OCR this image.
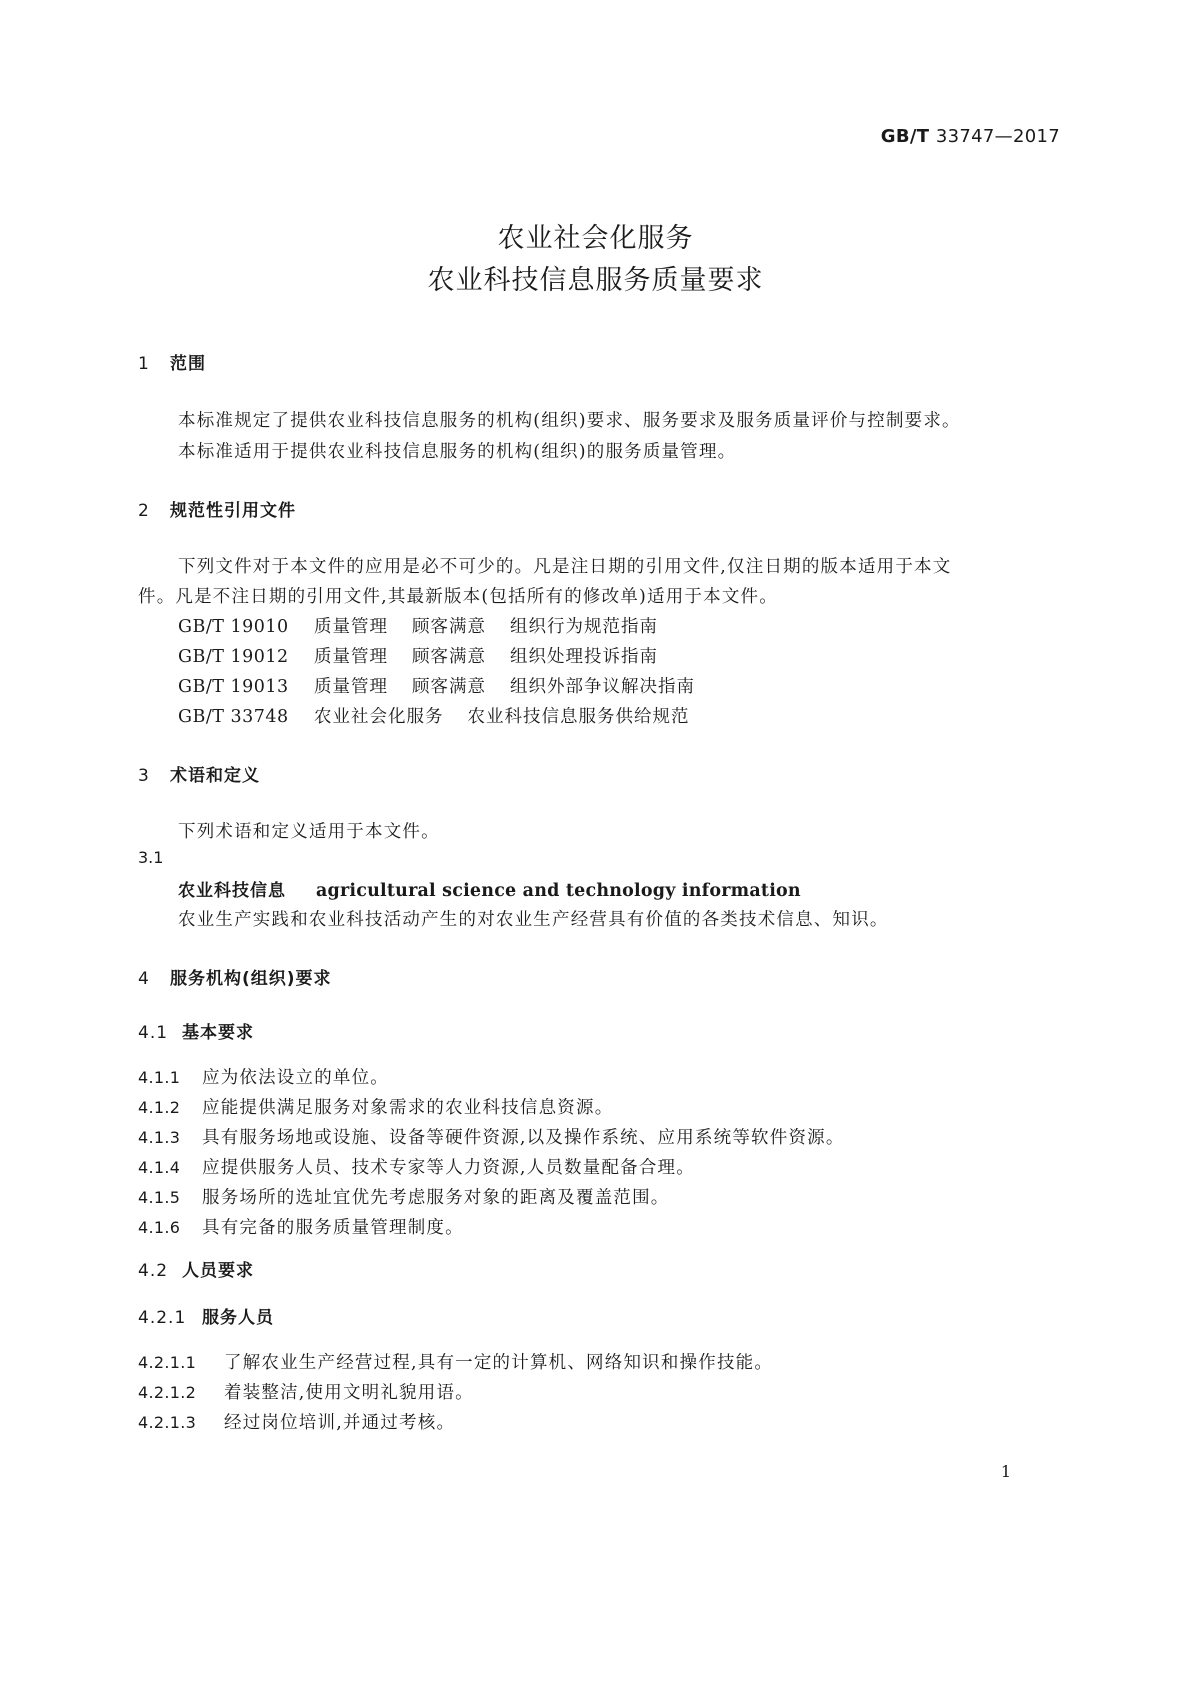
GB/T 33747—2017
农业社会化服务
农业科技信息服务质量要求
1 范围
本标准规定了提供农业科技信息服务的机构(组织)要求、服务要求及服务质量评价与控制要求。
本标准适用于提供农业科技信息服务的机构(组织)的服务质量管理。
2 规范性引用文件
下列文件对于本文件的应用是必不可少的。凡是注日期的引用文件,仅注日期的版本适用于本文
件。凡是不注日期的引用文件,其最新版本(包括所有的修改单)适用于本文件。
GB/T 19010 质量管理 顾客满意 组织行为规范指南
GB/T 19012 质量管理 顾客满意 组织处理投诉指南
GB/T 19013 质量管理 顾客满意 组织外部争议解决指南
GB/T 33748 农业社会化服务 农业科技信息服务供给规范
3 术语和定义
下列术语和定义适用于本文件。
3.1
农业科技信息 agricultural science and technology information
农业生产实践和农业科技活动产生的对农业生产经营具有价值的各类技术信息、知识。
4 服务机构(组织)要求
4.1 基本要求
4.1.1 应为依法设立的单位。
4.1.2 应能提供满足服务对象需求的农业科技信息资源。
4.1.3 具有服务场地或设施、设备等硬件资源,以及操作系统、应用系统等软件资源。
4.1.4 应提供服务人员、技术专家等人力资源,人员数量配备合理。
4.1.5 服务场所的选址宜优先考虑服务对象的距离及覆盖范围。
4.1.6 具有完备的服务质量管理制度。
4.2 人员要求
4.2.1 服务人员
4.2.1.1 了解农业生产经营过程,具有一定的计算机、网络知识和操作技能。
4.2.1.2 着装整洁,使用文明礼貌用语。
4.2.1.3 经过岗位培训,并通过考核。
1
